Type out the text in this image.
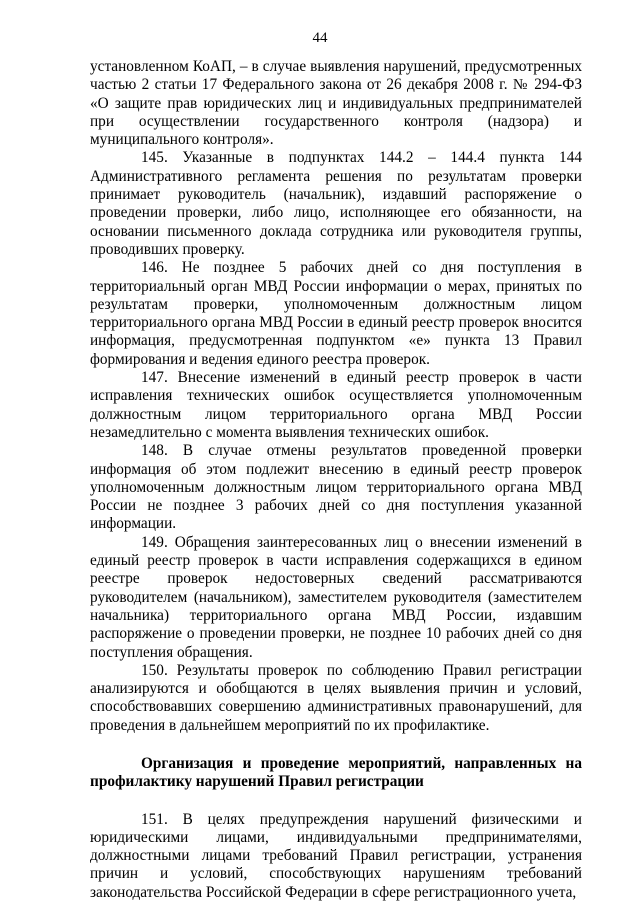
44

установленном КоАП, – в случае выявления нарушений, предусмотренных частью 2 статьи 17 Федерального закона от 26 декабря 2008 г. № 294-ФЗ «О защите прав юридических лиц и индивидуальных предпринимателей при осуществлении государственного контроля (надзора) и муниципального контроля».

145. Указанные в подпунктах 144.2 – 144.4 пункта 144 Административного регламента решения по результатам проверки принимает руководитель (начальник), издавший распоряжение о проведении проверки, либо лицо, исполняющее его обязанности, на основании письменного доклада сотрудника или руководителя группы, проводивших проверку.

146. Не позднее 5 рабочих дней со дня поступления в территориальный орган МВД России информации о мерах, принятых по результатам проверки, уполномоченным должностным лицом территориального органа МВД России в единый реестр проверок вносится информация, предусмотренная подпунктом «е» пункта 13 Правил формирования и ведения единого реестра проверок.

147. Внесение изменений в единый реестр проверок в части исправления технических ошибок осуществляется уполномоченным должностным лицом территориального органа МВД России незамедлительно с момента выявления технических ошибок.

148. В случае отмены результатов проведенной проверки информация об этом подлежит внесению в единый реестр проверок уполномоченным должностным лицом территориального органа МВД России не позднее 3 рабочих дней со дня поступления указанной информации.

149. Обращения заинтересованных лиц о внесении изменений в единый реестр проверок в части исправления содержащихся в едином реестре проверок недостоверных сведений рассматриваются руководителем (начальником), заместителем руководителя (заместителем начальника) территориального органа МВД России, издавшим распоряжение о проведении проверки, не позднее 10 рабочих дней со дня поступления обращения.

150. Результаты проверок по соблюдению Правил регистрации анализируются и обобщаются в целях выявления причин и условий, способствовавших совершению административных правонарушений, для проведения в дальнейшем мероприятий по их профилактике.

Организация и проведение мероприятий, направленных на профилактику нарушений Правил регистрации

151. В целях предупреждения нарушений физическими и юридическими лицами, индивидуальными предпринимателями, должностными лицами требований Правил регистрации, устранения причин и условий, способствующих нарушениям требований законодательства Российской Федерации в сфере регистрационного учета,
